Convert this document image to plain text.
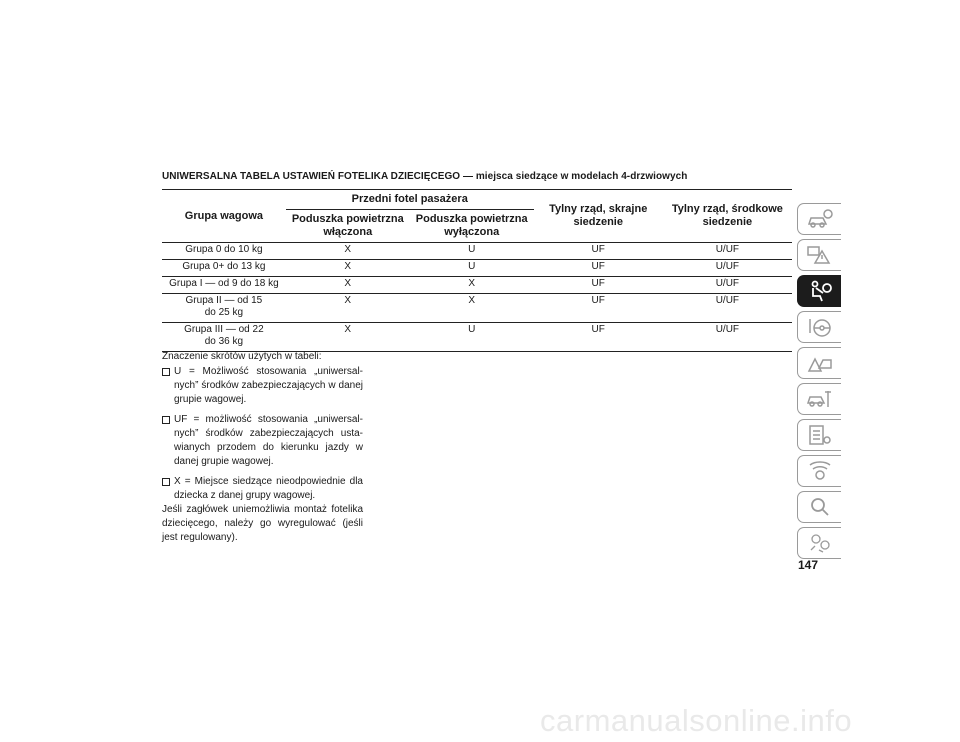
UNIWERSALNA TABELA USTAWIEŃ FOTELIKA DZIECIĘCEGO — miejsca siedzące w modelach 4-drzwiowych
Grupa wagowa	Przedni fotel pasażera		Tylny rząd, skrajne siedzenie	Tylny rząd, środkowe siedzenie
	Poduszka powietrzna włączona	Poduszka powietrzna wyłączona		
Grupa 0 do 10 kg	X	U	UF	U/UF
Grupa 0+ do 13 kg	X	U	UF	U/UF
Grupa I — od 9 do 18 kg	X	X	UF	U/UF

Grupa II — od 15 do 25 kg	X	X	UF	U/UF

Grupa III — od 22 do 36 kg	X	U	UF	U/UF
Znaczenie skrótów użytych w tabeli:
U = Możliwość stosowania „uniwersal-nych” środków zabezpieczających w danej grupie wagowej.
UF = możliwość stosowania „uniwersal-nych” środków zabezpieczających usta-wianych przodem do kierunku jazdy w danej grupie wagowej.
X = Miejsce siedzące nieodpowiednie dla dziecka z danej grupy wagowej.
Jeśli zagłówek uniemożliwia montaż fotelika dziecięcego, należy go wyregulować (jeśli jest regulowany).
147
carmanualsonline.info
